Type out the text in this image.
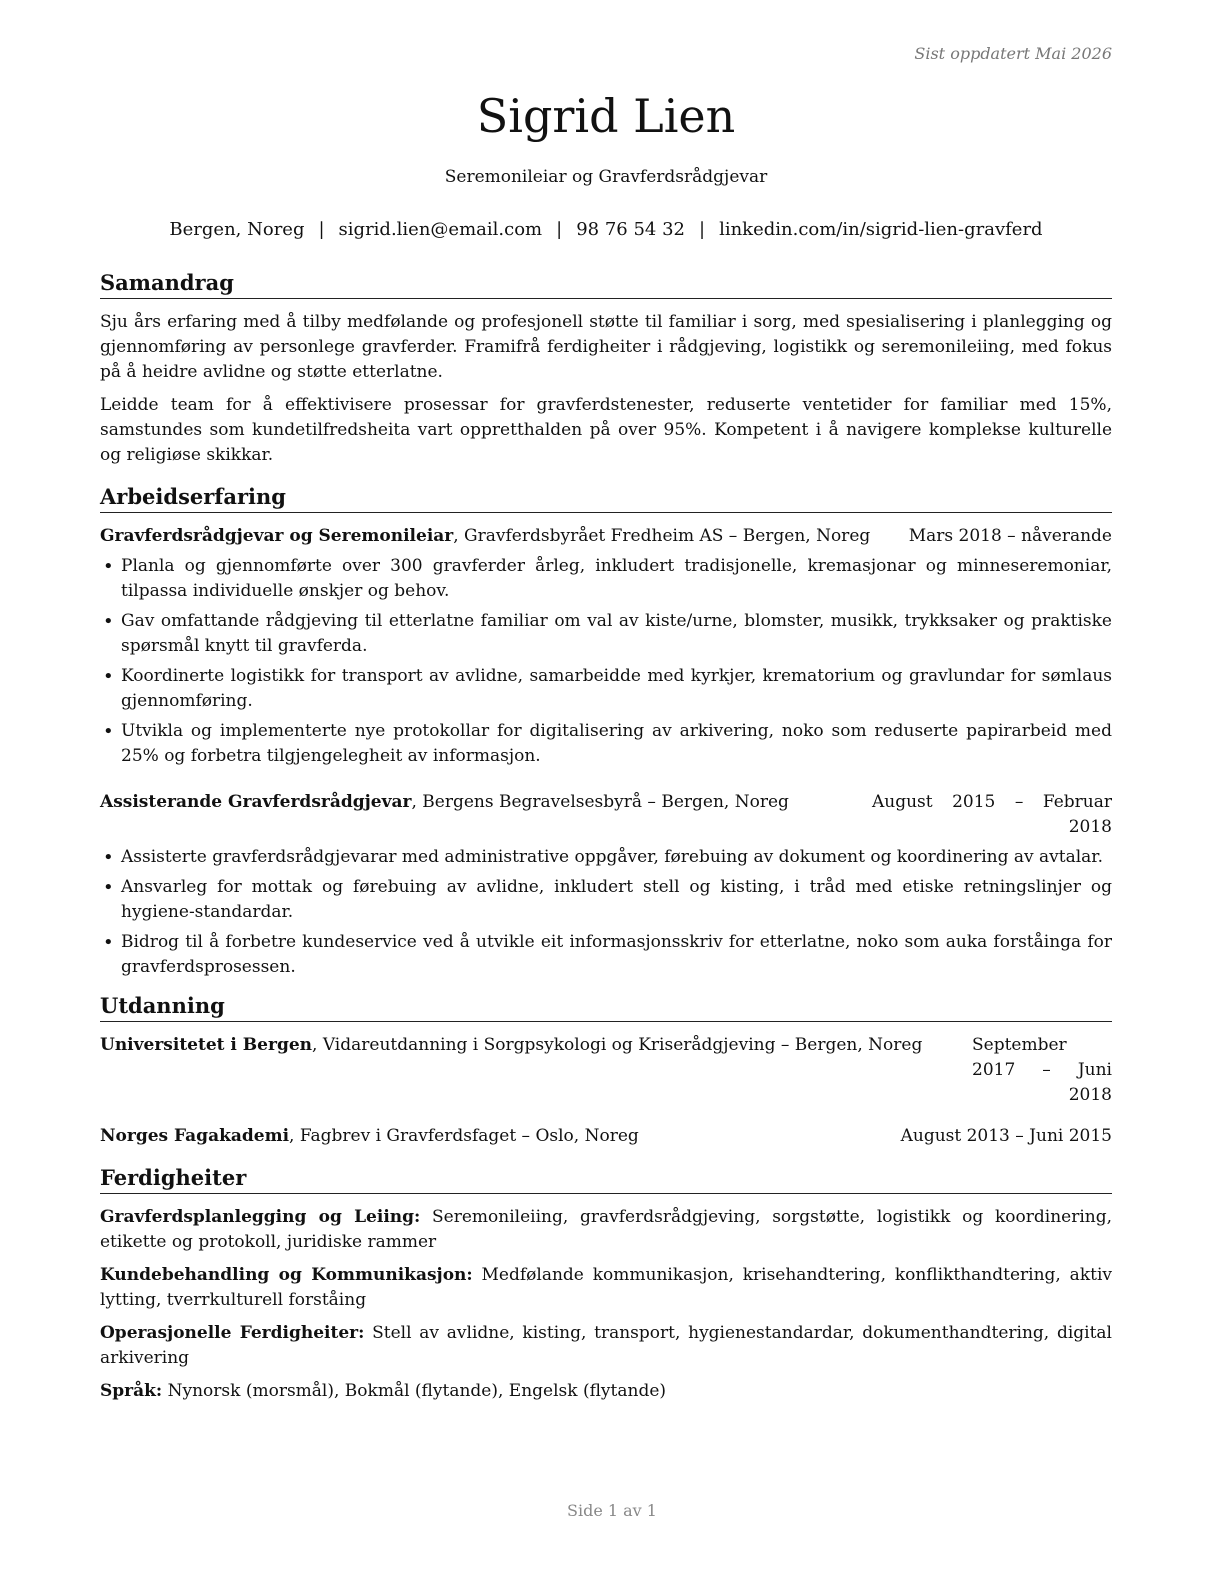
Sist oppdatert Mai 2026
Sigrid Lien
Seremonileiar og Gravferdsrådgjevar
Bergen, Noreg | sigrid.lien@email.com | 98 76 54 32 | linkedin.com/in/sigrid-lien-gravferd
Samandrag

Sju års erfaring med å tilby medfølande og profesjonell støtte til familiar i sorg, med spesialisering i planlegging og gjennomføring av personlege gravferder. Framifrå ferdigheiter i rådgjeving, logistikk og seremonileiing, med fokus på å heidre avlidne og støtte etterlatne.

Leidde team for å effektivisere prosessar for gravferdstenester, reduserte ventetider for familiar med 15%, samstundes som kundetilfredsheita vart oppretthalden på over 95%. Kompetent i å navigere komplekse kulturelle og religiøse skikkar.

Arbeidserfaring
Gravferdsrådgjevar og Seremonileiar, Gravferdsbyrået Fredheim AS – Bergen, Noreg	Mars 2018 – nåverande
• Planla og gjennomførte over 300 gravferder årleg, inkludert tradisjonelle, kremasjonar og minneseremoniar, tilpassa individuelle ønskjer og behov.
• Gav omfattande rådgjeving til etterlatne familiar om val av kiste/urne, blomster, musikk, trykksaker og praktiske spørsmål knytt til gravferda.
• Koordinerte logistikk for transport av avlidne, samarbeidde med kyrkjer, krematorium og gravlundar for sømlaus gjennomføring.
• Utvikla og implementerte nye protokollar for digitalisering av arkivering, noko som reduserte papirarbeid med 25% og forbetra tilgjengelegheit av informasjon.
Assisterande Gravferdsrådgjevar, Bergens Begravelsesbyrå – Bergen, Noreg	August 2015 – Februar 2018
• Assisterte gravferdsrådgjevarar med administrative oppgåver, førebuing av dokument og koordinering av avtalar.
• Ansvarleg for mottak og førebuing av avlidne, inkludert stell og kisting, i tråd med etiske retningslinjer og hygiene-standardar.
• Bidrog til å forbetre kundeservice ved å utvikle eit informasjonsskriv for etterlatne, noko som auka forståinga for gravferdsprosessen.
Utdanning
Universitetet i Bergen, Vidareutdanning i Sorgpsykologi og Kriserådgjeving – Bergen, Noreg	September 2017 – Juni 2018
Norges Fagakademi, Fagbrev i Gravferdsfaget – Oslo, Noreg	August 2013 – Juni 2015
Ferdigheiter

Gravferdsplanlegging og Leiing: Seremonileiing, gravferdsrådgjeving, sorgstøtte, logistikk og koordinering, etikette og protokoll, juridiske rammer

Kundebehandling og Kommunikasjon: Medfølande kommunikasjon, krisehandtering, konflikthandtering, aktiv lytting, tverrkulturell forståing

Operasjonelle Ferdigheiter: Stell av avlidne, kisting, transport, hygienestandardar, dokumenthandtering, digital arkivering

Språk: Nynorsk (morsmål), Bokmål (flytande), Engelsk (flytande)

Side 1 av 1
